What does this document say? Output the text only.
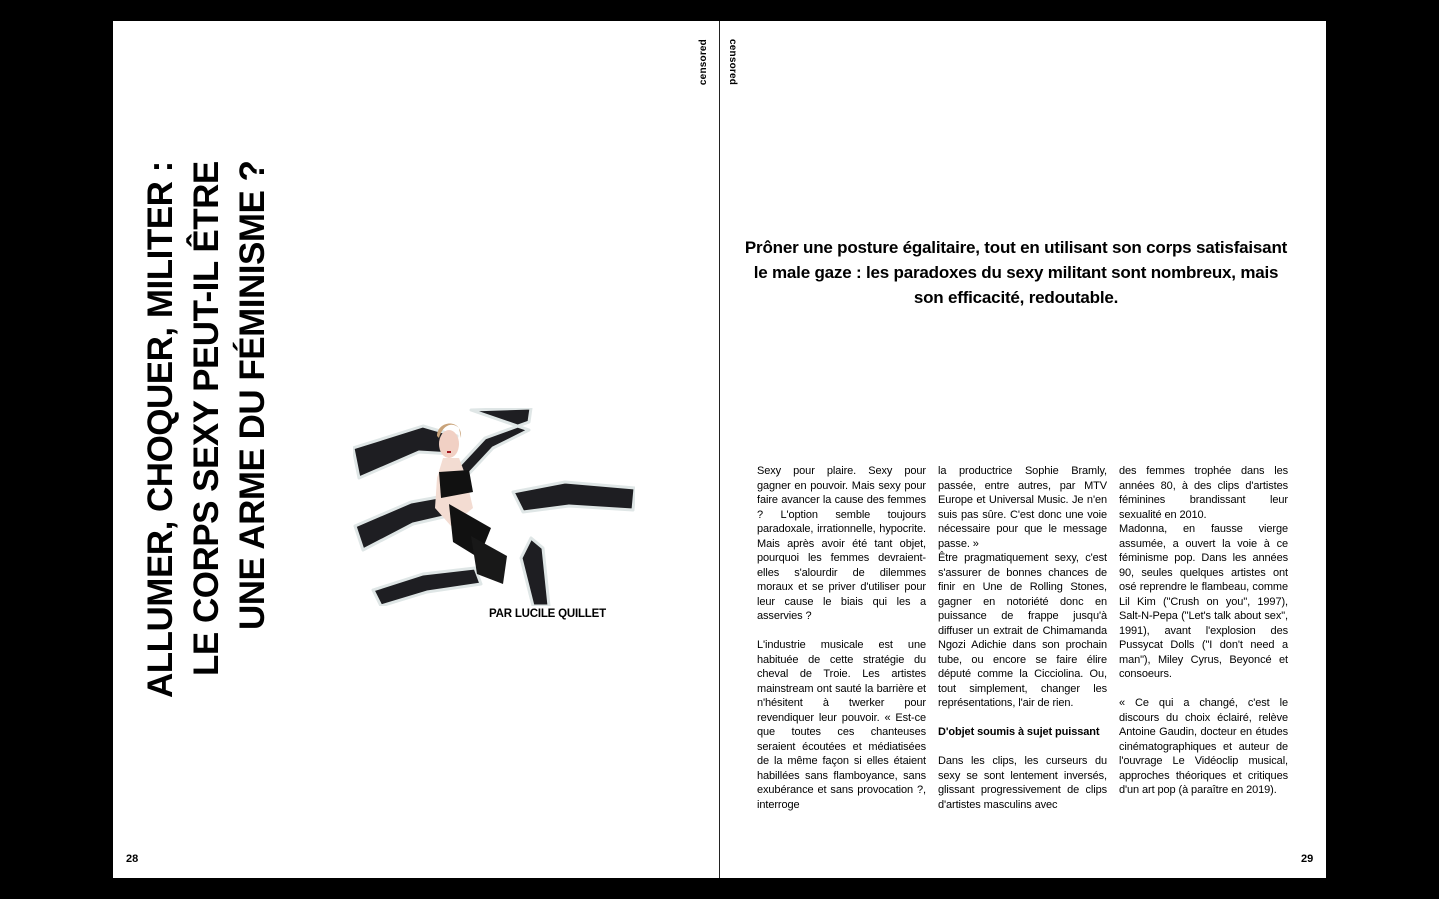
censored censored
ALLUMER, CHOQUER, MILITER : LE CORPS SEXY PEUT-IL ÊTRE UNE ARME DU FÉMINISME ?	PAR LUCILE QUILLET
28	29
Prôner une posture égalitaire, tout en utilisant son corps satisfaisant le male gaze : les paradoxes du sexy militant sont nombreux, mais son efficacité, redoutable.

Sexy pour plaire. Sexy pour gagner en pouvoir. Mais sexy pour faire avancer la cause des femmes ? L'option semble toujours paradoxale, irrationnelle, hypocrite. Mais après avoir été tant objet, pourquoi les femmes devraient-elles s'alourdir de dilemmes moraux et se priver d'utiliser pour leur cause le biais qui les a asservies ?

L'industrie musicale est une habituée de cette stratégie du cheval de Troie. Les artistes mainstream ont sauté la barrière et n'hésitent à twerker pour revendiquer leur pouvoir. « Est-ce que toutes ces chanteuses seraient écoutées et médiatisées de la même façon si elles étaient habillées sans flamboyance, sans exubérance et sans provocation ?, interroge

la productrice Sophie Bramly, passée, entre autres, par MTV Europe et Universal Music. Je n'en suis pas sûre. C'est donc une voie nécessaire pour que le message passe. »

Être pragmatiquement sexy, c'est s'assurer de bonnes chances de finir en Une de Rolling Stones, gagner en notoriété donc en puissance de frappe jusqu'à diffuser un extrait de Chimamanda Ngozi Adichie dans son prochain tube, ou encore se faire élire député comme la Cicciolina. Ou, tout simplement, changer les représentations, l'air de rien.

D'objet soumis à sujet puissant

Dans les clips, les curseurs du sexy se sont lentement inversés, glissant progressivement de clips d'artistes masculins avec

des femmes trophée dans les années 80, à des clips d'artistes féminines brandissant leur sexualité en 2010.

Madonna, en fausse vierge assumée, a ouvert la voie à ce féminisme pop. Dans les années 90, seules quelques artistes ont osé reprendre le flambeau, comme Lil Kim ("Crush on you", 1997), Salt-N-Pepa ("Let's talk about sex", 1991), avant l'explosion des Pussycat Dolls ("I don't need a man"), Miley Cyrus, Beyoncé et consoeurs.

« Ce qui a changé, c'est le discours du choix éclairé, relève Antoine Gaudin, docteur en études cinématographiques et auteur de l'ouvrage Le Vidéoclip musical, approches théoriques et critiques d'un art pop (à paraître en 2019).
